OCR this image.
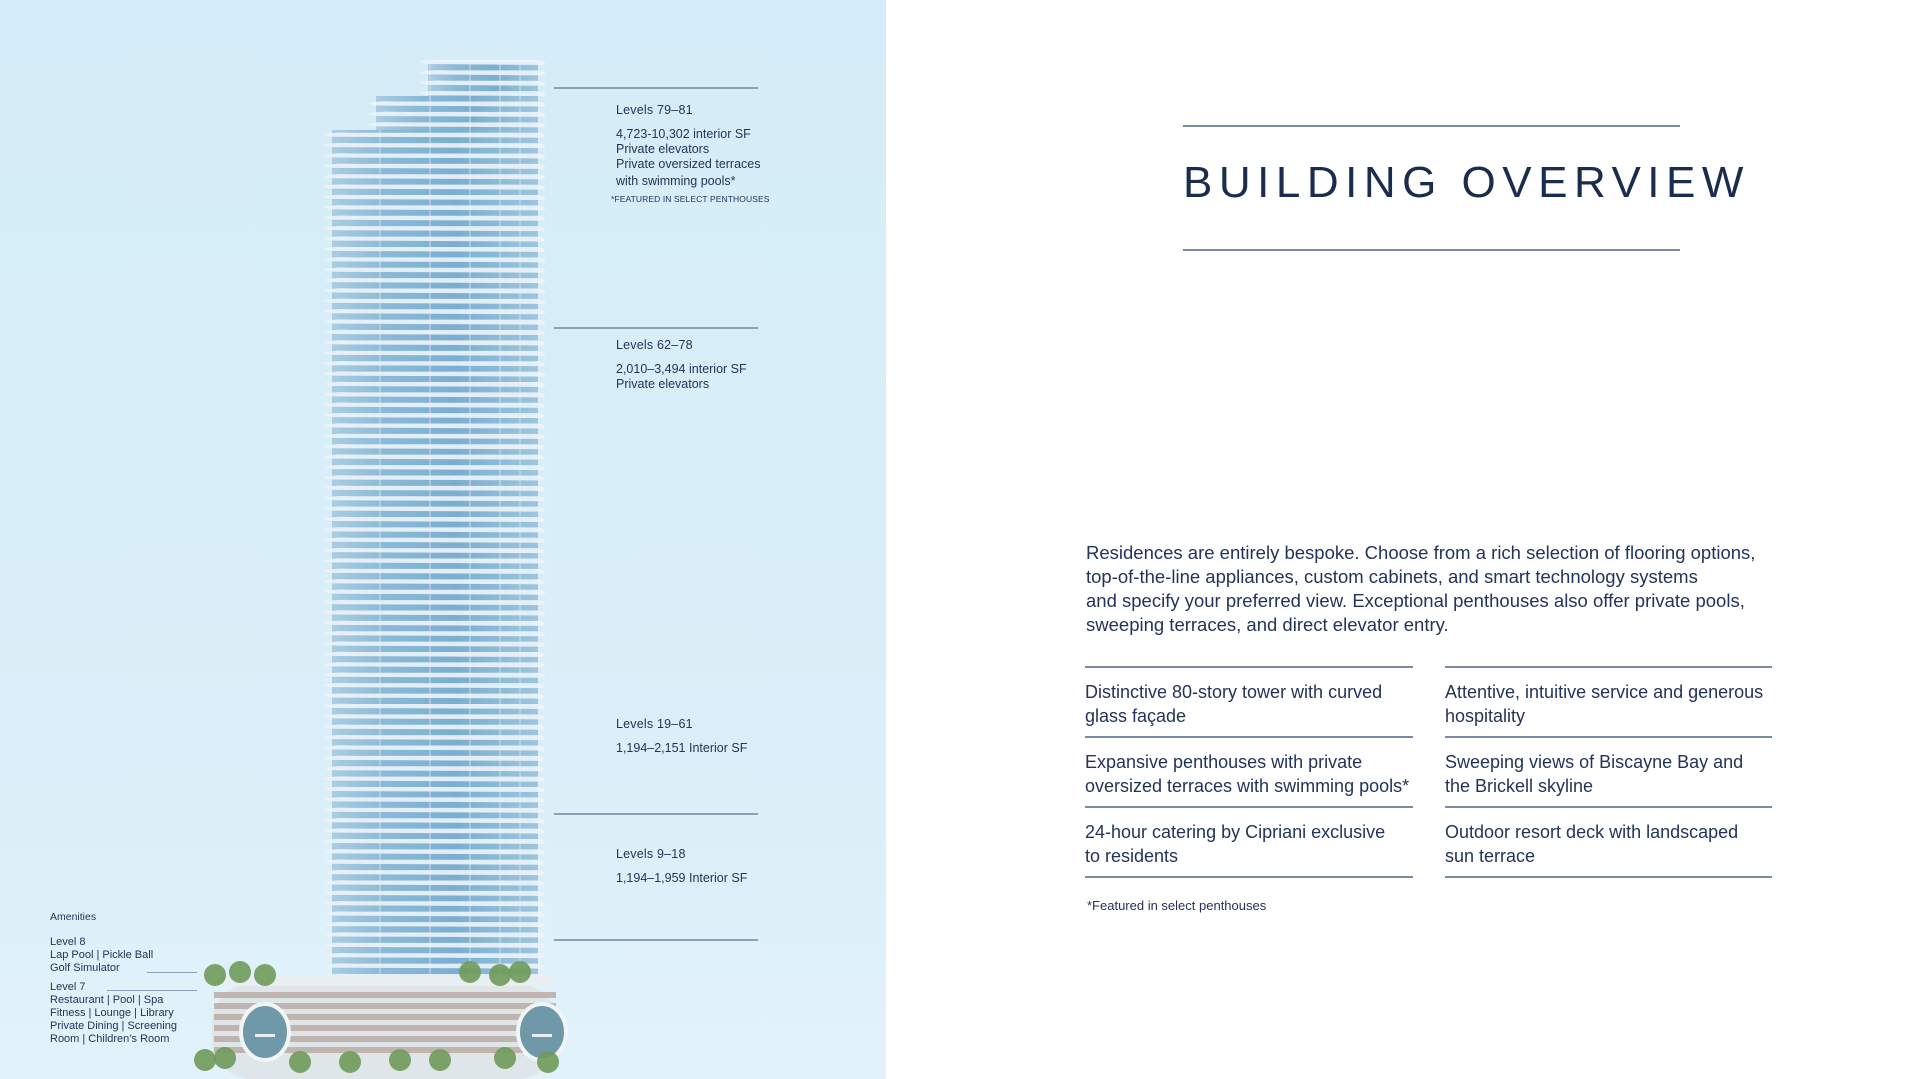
Levels 79–81
4,723-10,302 interior SF
Private elevators
Private oversized terraces
with swimming pools*
*FEATURED IN SELECT PENTHOUSES
Levels 62–78
2,010–3,494 interior SF
Private elevators
Levels 19–61
1,194–2,151 Interior SF
Levels 9–18
1,194–1,959 Interior SF
Amenities
Level 8
Lap Pool | Pickle Ball
Golf Simulator
Level 7
Restaurant | Pool | Spa
Fitness | Lounge | Library
Private Dining | Screening
Room | Children’s Room
BUILDING OVERVIEW
Residences are entirely bespoke. Choose from a rich selection of flooring options,
top-of-the-line appliances, custom cabinets, and smart technology systems
and specify your preferred view. Exceptional penthouses also offer private pools,
sweeping terraces, and direct elevator entry.
Distinctive 80-story tower with curved
glass façade
Expansive penthouses with private
oversized terraces with swimming pools*
24-hour catering by Cipriani exclusive
to residents
Attentive, intuitive service and generous
hospitality
Sweeping views of Biscayne Bay and
the Brickell skyline
Outdoor resort deck with landscaped
sun terrace
*Featured in select penthouses
